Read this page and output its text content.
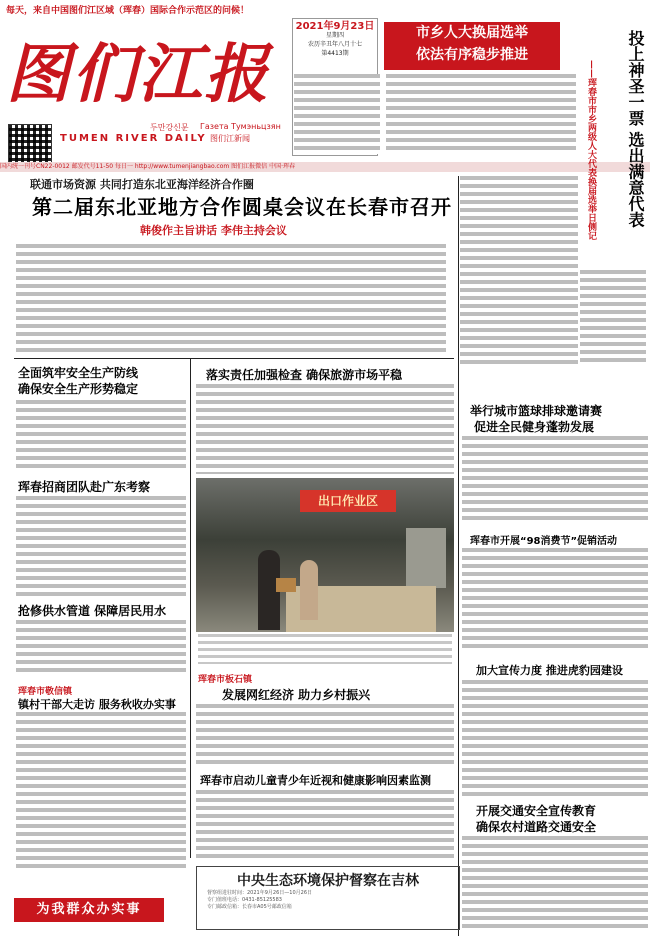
每天，来自中国图们江区域（珲春）国际合作示范区的问候！
图们江报
두만강신문 Газета Тумэньцзян
TUMEN RIVER DAILY 图们江新闻
2021年9月23日
星期四
农历辛丑年八月十七
第4413期
市乡人大换届选举
依法有序稳步推进
国内统一刊号CN22-0012 邮发代号11-50 每日一 http://www.tumenjiangbao.com 图们江报微信 中国·珲春	投上神圣一票 选出满意代表
——珲春市市乡两级人大代表换届选举日侧记
联通市场资源 共同打造东北亚海洋经济合作圈
第二届东北亚地方合作圆桌会议在长春市召开
韩俊作主旨讲话 李伟主持会议
全面筑牢安全生产防线
确保安全生产形势稳定
珲春招商团队赴广东考察
抢修供水管道 保障居民用水
珲春市敬信镇
镇村干部大走访 服务秋收办实事
落实责任加强检查 确保旅游市场平稳
出口作业区
珲春市板石镇
发展网红经济 助力乡村振兴
珲春市启动儿童青少年近视和健康影响因素监测
举行城市篮球排球邀请赛
促进全民健身蓬勃发展
珲春市开展“98消费节”促销活动
加大宣传力度 推进虎豹园建设
开展交通安全宣传教育
确保农村道路交通安全
中央生态环境保护督察在吉林
督察组进驻时间：2021年9月26日—10月26日
专门值班电话：0431-85125583
专门邮政信箱：长春市A05号邮政信箱
为我群众办实事
